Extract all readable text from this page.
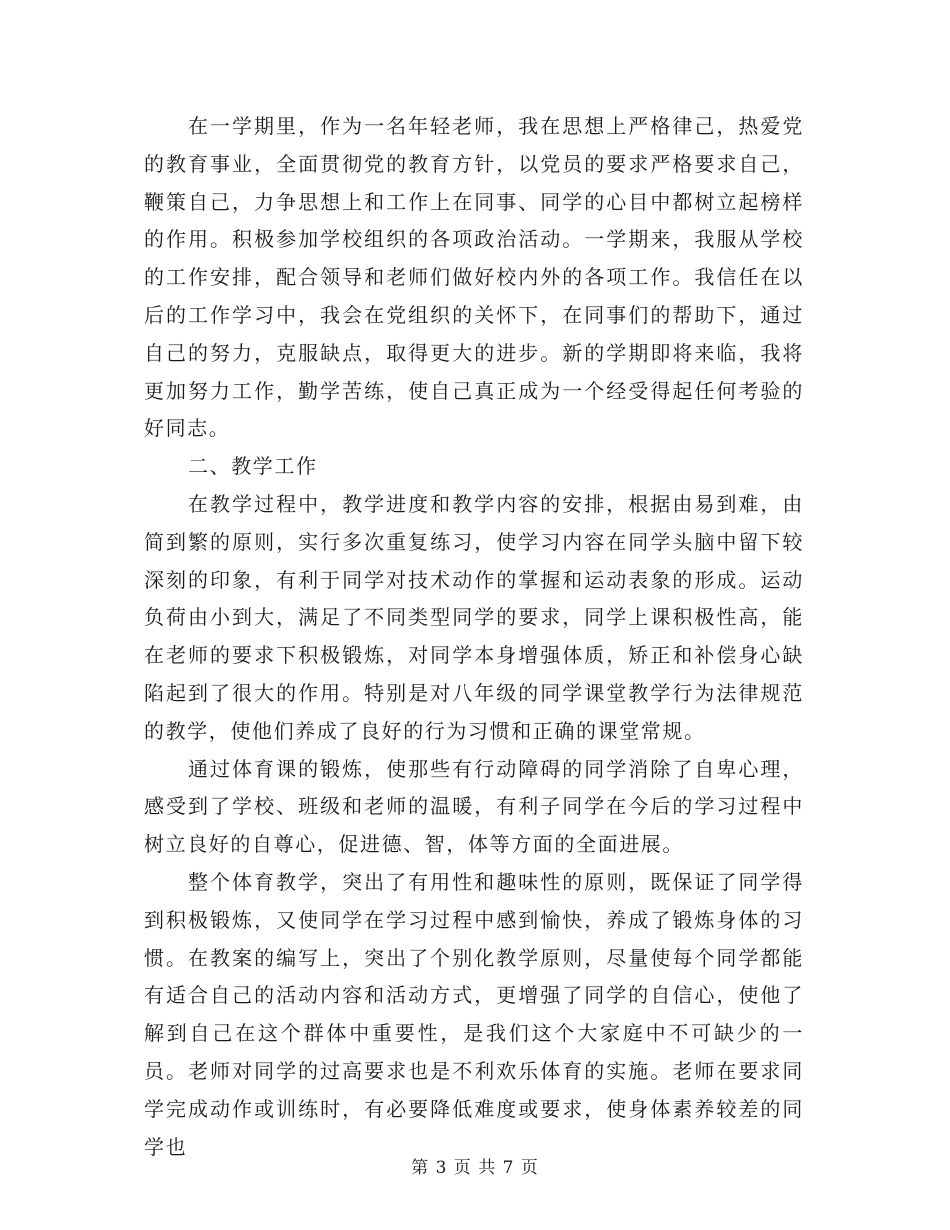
在一学期里，作为一名年轻老师，我在思想上严格律己，热爱党的教育事业，全面贯彻党的教育方针，以党员的要求严格要求自己，鞭策自己，力争思想上和工作上在同事、同学的心目中都树立起榜样的作用。积极参加学校组织的各项政治活动。一学期来，我服从学校的工作安排，配合领导和老师们做好校内外的各项工作。我信任在以后的工作学习中，我会在党组织的关怀下，在同事们的帮助下，通过自己的努力，克服缺点，取得更大的进步。新的学期即将来临，我将更加努力工作，勤学苦练，使自己真正成为一个经受得起任何考验的好同志。

二、教学工作

在教学过程中，教学进度和教学内容的安排，根据由易到难，由简到繁的原则，实行多次重复练习，使学习内容在同学头脑中留下较深刻的印象，有利于同学对技术动作的掌握和运动表象的形成。运动负荷由小到大，满足了不同类型同学的要求，同学上课积极性高，能在老师的要求下积极锻炼，对同学本身增强体质，矫正和补偿身心缺陷起到了很大的作用。特别是对八年级的同学课堂教学行为法律规范的教学，使他们养成了良好的行为习惯和正确的课堂常规。

通过体育课的锻炼，使那些有行动障碍的同学消除了自卑心理，感受到了学校、班级和老师的温暖，有利子同学在今后的学习过程中树立良好的自尊心，促进德、智，体等方面的全面进展。

整个体育教学，突出了有用性和趣味性的原则，既保证了同学得到积极锻炼，又使同学在学习过程中感到愉快，养成了锻炼身体的习惯。在教案的编写上，突出了个别化教学原则，尽量使每个同学都能有适合自己的活动内容和活动方式，更增强了同学的自信心，使他了解到自己在这个群体中重要性，是我们这个大家庭中不可缺少的一员。老师对同学的过高要求也是不利欢乐体育的实施。老师在要求同学完成动作或训练时，有必要降低难度或要求，使身体素养较差的同学也

第 3 页 共 7 页
